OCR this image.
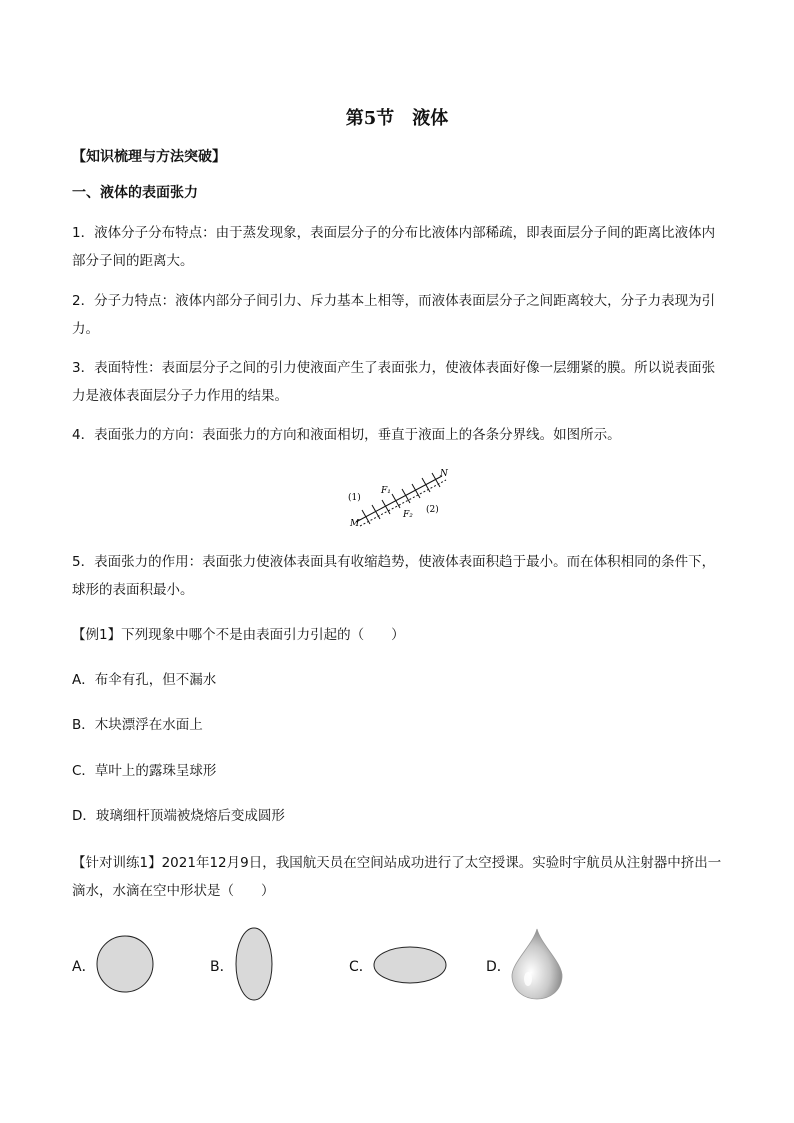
第5节　液体
【知识梳理与方法突破】
一、液体的表面张力
1．液体分子分布特点：由于蒸发现象，表面层分子的分布比液体内部稀疏，即表面层分子间的距离比液体内部分子间的距离大。
2．分子力特点：液体内部分子间引力、斥力基本上相等，而液体表面层分子之间距离较大，分子力表现为引力。
3．表面特性：表面层分子之间的引力使液面产生了表面张力，使液体表面好像一层绷紧的膜。所以说表面张力是液体表面层分子力作用的结果。
4．表面张力的方向：表面张力的方向和液面相切，垂直于液面上的各条分界线。如图所示。
(1)
(2)
F₁
F₂
M
N
5．表面张力的作用：表面张力使液体表面具有收缩趋势，使液体表面积趋于最小。而在体积相同的条件下，球形的表面积最小。
【例1】下列现象中哪个不是由表面引力引起的（　　）
A．布伞有孔，但不漏水
B．木块漂浮在水面上
C．草叶上的露珠呈球形
D．玻璃细杆顶端被烧熔后变成圆形
【针对训练1】2021年12月9日，我国航天员在空间站成功进行了太空授课。实验时宇航员从注射器中挤出一滴水，水滴在空中形状是（　　）
A．	B．	C．	D．
